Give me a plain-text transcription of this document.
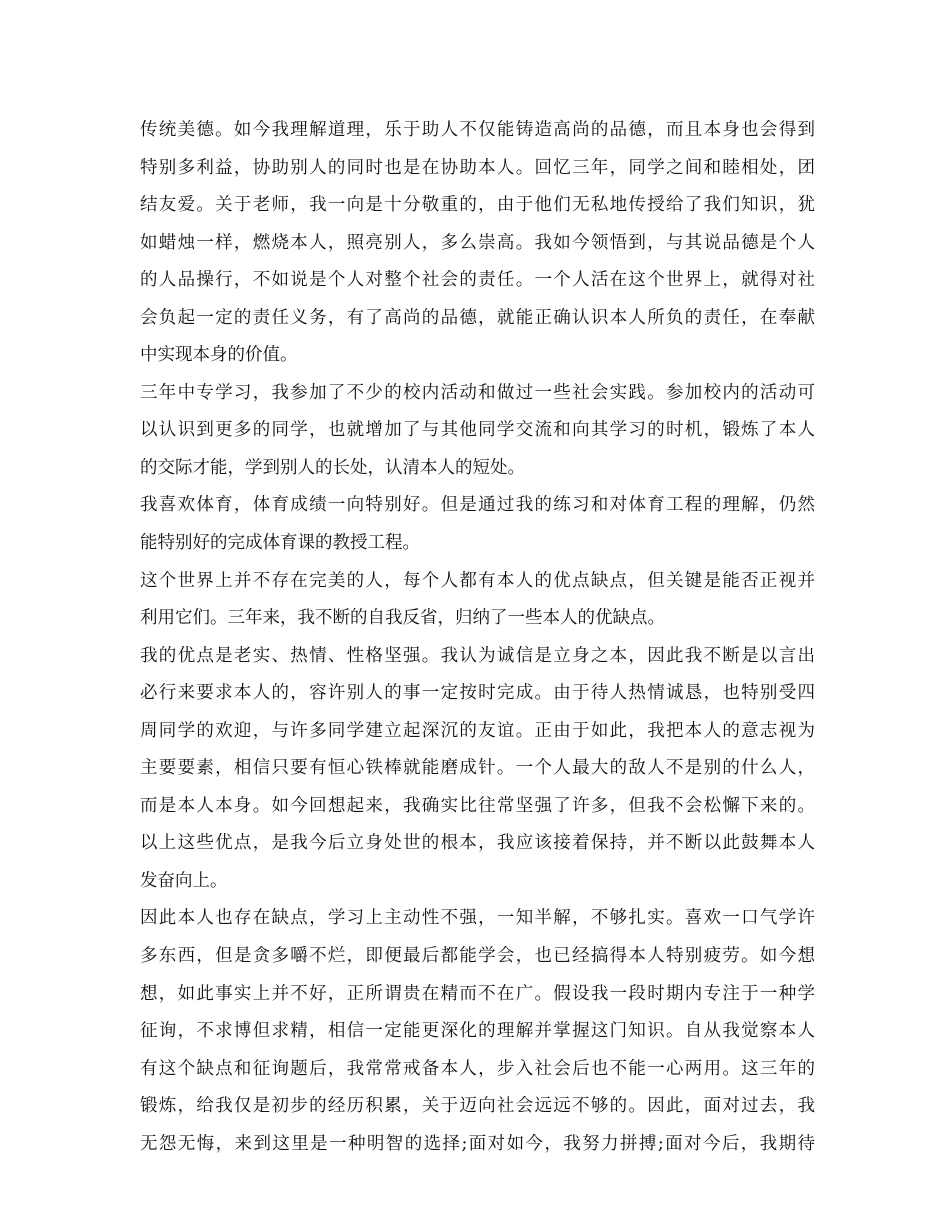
传统美德。如今我理解道理，乐于助人不仅能铸造高尚的品德，而且本身也会得到
特别多利益，协助别人的同时也是在协助本人。回忆三年，同学之间和睦相处，团
结友爱。关于老师，我一向是十分敬重的，由于他们无私地传授给了我们知识，犹
如蜡烛一样，燃烧本人，照亮别人，多么崇高。我如今领悟到，与其说品德是个人
的人品操行，不如说是个人对整个社会的责任。一个人活在这个世界上，就得对社
会负起一定的责任义务，有了高尚的品德，就能正确认识本人所负的责任，在奉献
中实现本身的价值。
三年中专学习，我参加了不少的校内活动和做过一些社会实践。参加校内的活动可
以认识到更多的同学，也就增加了与其他同学交流和向其学习的时机，锻炼了本人
的交际才能，学到别人的长处，认清本人的短处。
我喜欢体育，体育成绩一向特别好。但是通过我的练习和对体育工程的理解，仍然
能特别好的完成体育课的教授工程。
这个世界上并不存在完美的人，每个人都有本人的优点缺点，但关键是能否正视并
利用它们。三年来，我不断的自我反省，归纳了一些本人的优缺点。
我的优点是老实、热情、性格坚强。我认为诚信是立身之本，因此我不断是以言出
必行来要求本人的，容许别人的事一定按时完成。由于待人热情诚恳，也特别受四
周同学的欢迎，与许多同学建立起深沉的友谊。正由于如此，我把本人的意志视为
主要要素，相信只要有恒心铁棒就能磨成针。一个人最大的敌人不是别的什么人，
而是本人本身。如今回想起来，我确实比往常坚强了许多，但我不会松懈下来的。
以上这些优点，是我今后立身处世的根本，我应该接着保持，并不断以此鼓舞本人
发奋向上。
因此本人也存在缺点，学习上主动性不强，一知半解，不够扎实。喜欢一口气学许
多东西，但是贪多嚼不烂，即便最后都能学会，也已经搞得本人特别疲劳。如今想
想，如此事实上并不好，正所谓贵在精而不在广。假设我一段时期内专注于一种学
征询，不求博但求精，相信一定能更深化的理解并掌握这门知识。自从我觉察本人
有这个缺点和征询题后，我常常戒备本人，步入社会后也不能一心两用。这三年的
锻炼，给我仅是初步的经历积累，关于迈向社会远远不够的。因此，面对过去，我
无怨无悔，来到这里是一种明智的选择;面对如今，我努力拼搏;面对今后，我期待
